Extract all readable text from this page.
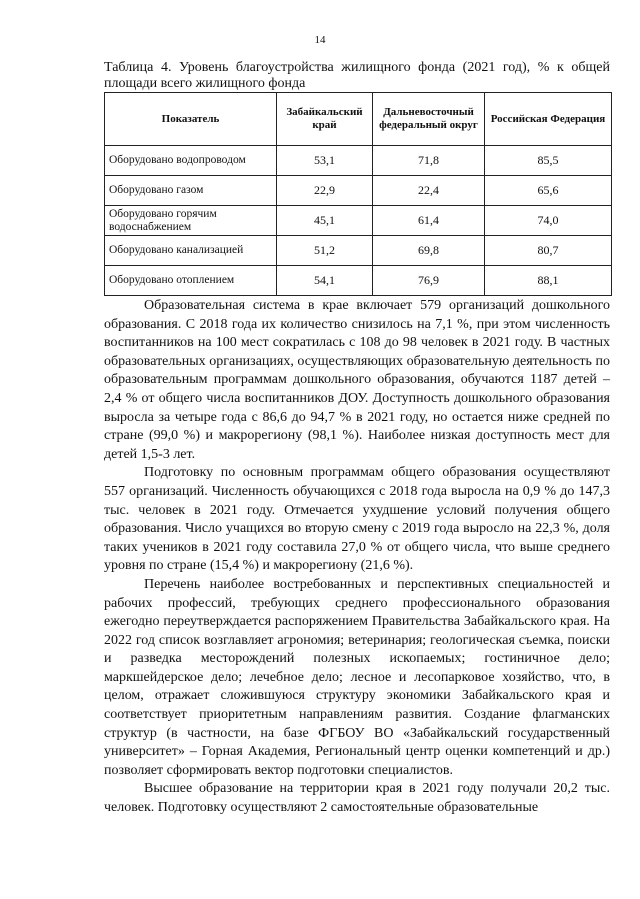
14
Таблица 4. Уровень благоустройства жилищного фонда (2021 год), % к общей площади всего жилищного фонда
Показатель	Забайкальский край	Дальневосточный федеральный округ	Российская Федерация
Оборудовано водопроводом	53,1	71,8	85,5
Оборудовано газом	22,9	22,4	65,6
Оборудовано горячим водоснабжением	45,1	61,4	74,0
Оборудовано канализацией	51,2	69,8	80,7
Оборудовано отоплением	54,1	76,9	88,1

Образовательная система в крае включает 579 организаций дошкольного образования. С 2018 года их количество снизилось на 7,1 %, при этом численность воспитанников на 100 мест сократилась с 108 до 98 человек в 2021 году. В частных образовательных организациях, осуществляющих образовательную деятельность по образовательным программам дошкольного образования, обучаются 1187 детей – 2,4 % от общего числа воспитанников ДОУ. Доступность дошкольного образования выросла за четыре года с 86,6 до 94,7 % в 2021 году, но остается ниже средней по стране (99,0 %) и макрорегиону (98,1 %). Наиболее низкая доступность мест для детей 1,5-3 лет.

Подготовку по основным программам общего образования осуществляют 557 организаций. Численность обучающихся с 2018 года выросла на 0,9 % до 147,3 тыс. человек в 2021 году. Отмечается ухудшение условий получения общего образования. Число учащихся во вторую смену с 2019 года выросло на 22,3 %, доля таких учеников в 2021 году составила 27,0 % от общего числа, что выше среднего уровня по стране (15,4 %) и макрорегиону (21,6 %).

Перечень наиболее востребованных и перспективных специальностей и рабочих профессий, требующих среднего профессионального образования ежегодно переутверждается распоряжением Правительства Забайкальского края. На 2022 год список возглавляет агрономия; ветеринария; геологическая съемка, поиски и разведка месторождений полезных ископаемых; гостиничное дело; маркшейдерское дело; лечебное дело; лесное и лесопарковое хозяйство, что, в целом, отражает сложившуюся структуру экономики Забайкальского края и соответствует приоритетным направлениям развития. Создание флагманских структур (в частности, на базе ФГБОУ ВО «Забайкальский государственный университет» – Горная Академия, Региональный центр оценки компетенций и др.) позволяет сформировать вектор подготовки специалистов.

Высшее образование на территории края в 2021 году получали 20,2 тыс. человек. Подготовку осуществляют 2 самостоятельные образовательные
